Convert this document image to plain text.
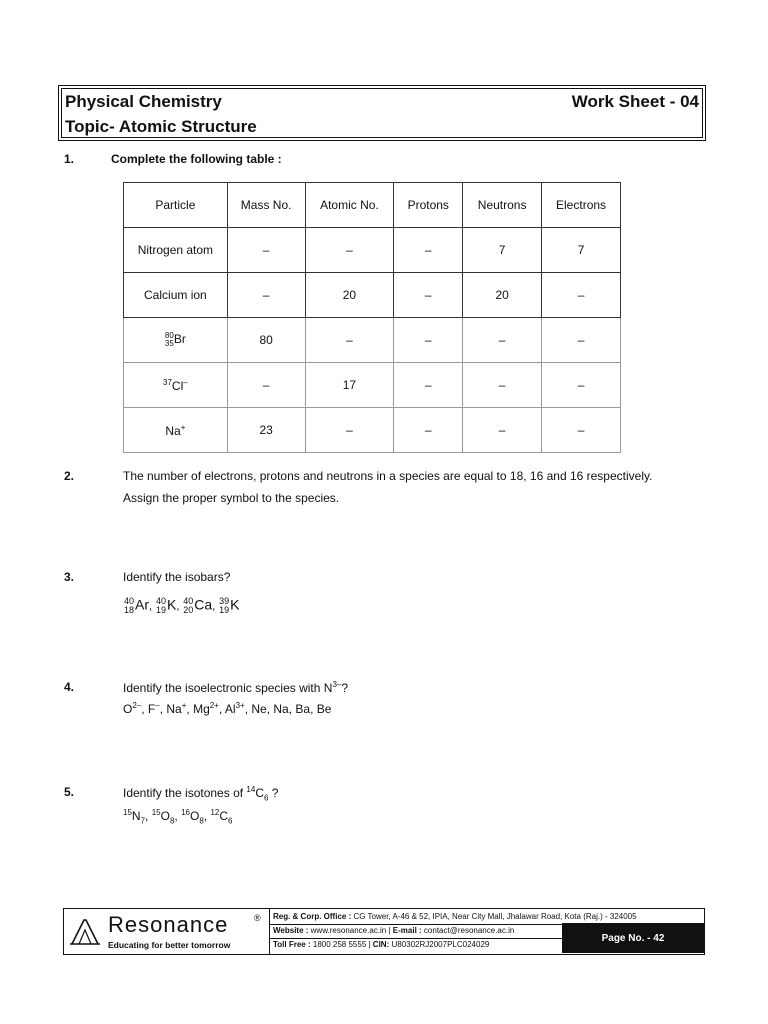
Physical Chemistry	Work Sheet - 04
Topic- Atomic Structure
1.	Complete the following table :
Particle	Mass No.	Atomic No.	Protons	Neutrons	Electrons
Nitrogen atom	–	–	–	7	7
Calcium ion	–	20	–	20	–

80
35 Br	80	–	–	–	–
$^{37}$Cl–	–	17	–	–	–
Na+	23	–	–	–	–
2.	The number of electrons, protons and neutrons in a species are equal to 18, 16 and 16 respectively.
Assign the proper symbol to the species.
3.	Identify the isobars?
40
18 Ar, 40
19 K, 40
20 Ca, 39
19 K
4.	Identify the isoelectronic species with $N^{3-}$?
$O^{2-}$, F–, Na+, $Mg^{2+}$, $Al^{3+}$, Ne, Na, Ba, Be
5.	Identify the isotones of $^{14}C_6$ ?
$^{15}N_7$, $^{15}O_8$, $^{16}O_8$, $^{12}C_6$
Resonance	®
Educating for better tomorrow
Reg. & Corp. Office : CG Tower, A-46 & 52, IPIA, Near City Mall, Jhalawar Road, Kota (Raj.) - 324005
Website : www.resonance.ac.in | E-mail : contact@resonance.ac.in
Toll Free : 1800 258 5555 | CIN: U80302RJ2007PLC024029
Page No. - 42
